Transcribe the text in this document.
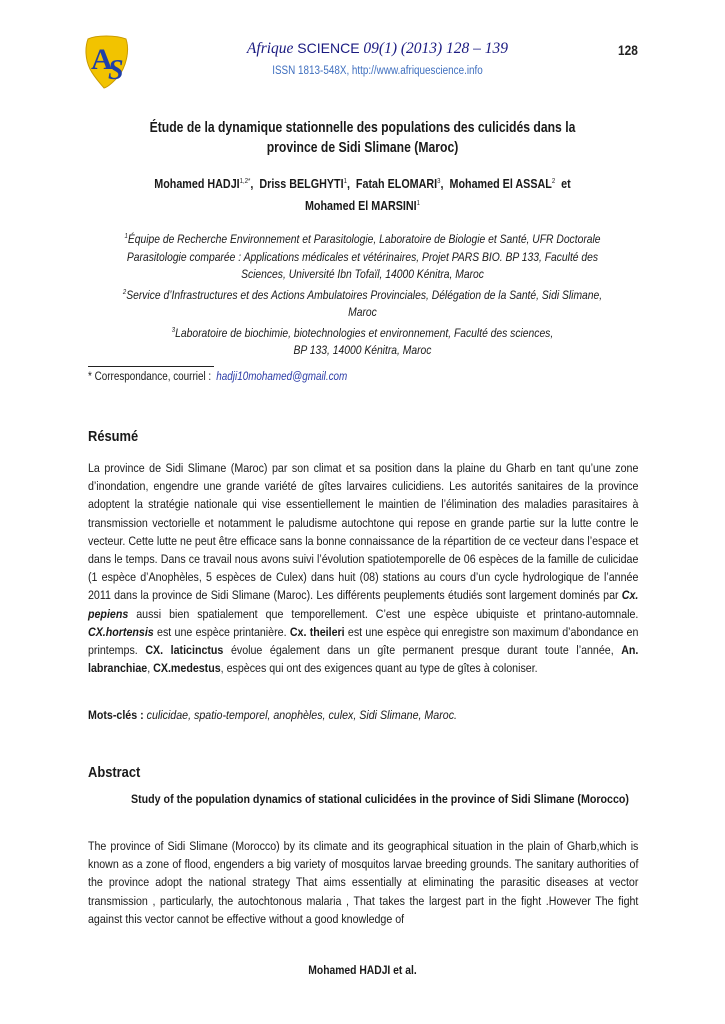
A
S
Afrique SCIENCE 09(1) (2013) 128 – 139
ISSN 1813-548X, http://www.afriquescience.info
128
Étude de la dynamique stationnelle des populations des culicidés dans la
province de Sidi Slimane (Maroc)
Mohamed $HADJI^{1,2*}$, Driss BELGHYTI$^1$, Fatah ELOMARI$^3$, Mohamed El ASSAL$^2$ et
Mohamed El MARSINI$^1$
$^1$Équipe de Recherche Environnement et Parasitologie, Laboratoire de Biologie et Santé, UFR Doctorale
Parasitologie comparée : Applications médicales et vétérinaires, Projet PARS BIO. BP 133, Faculté des
Sciences, Université Ibn Tofaïl, 14000 Kénitra, Maroc
$^2$Service d’Infrastructures et des Actions Ambulatoires Provinciales, Délégation de la Santé, Sidi Slimane, Maroc
$^3$Laboratoire de biochimie, biotechnologies et environnement, Faculté des sciences,
BP 133, 14000 Kénitra, Maroc
* Correspondance, courriel : hadji10mohamed@gmail.com
Résumé
La province de Sidi Slimane (Maroc) par son climat et sa position dans la plaine du Gharb en tant qu’une zone d’inondation, engendre une grande variété de gîtes larvaires culicidiens. Les autorités sanitaires de la province adoptent la stratégie nationale qui vise essentiellement le maintien de l’élimination des maladies parasitaires à transmission vectorielle et notamment le paludisme autochtone qui repose en grande partie sur la lutte contre le vecteur. Cette lutte ne peut être efficace sans la bonne connaissance de la répartition de ce vecteur dans l’espace et dans le temps. Dans ce travail nous avons suivi l’évolution spatiotemporelle de 06 espèces de la famille de culicidae (1 espèce d’Anophèles, 5 espèces de Culex) dans huit (08) stations au cours d’un cycle hydrologique de l’année 2011 dans la province de Sidi Slimane (Maroc). Les différents peuplements étudiés sont largement dominés par Cx. pepiens aussi bien spatialement que temporellement. C’est une espèce ubiquiste et printano-automnale. CX.hortensis est une espèce printanière. Cx. theileri est une espèce qui enregistre son maximum d’abondance en printemps. CX. laticinctus évolue également dans un gîte permanent presque durant toute l’année, An. labranchiae, CX.medestus, espèces qui ont des exigences quant au type de gîtes à coloniser.
Mots-clés : culicidae, spatio-temporel, anophèles, culex, Sidi Slimane, Maroc.
Abstract
Study of the population dynamics of stational culicidées in the province of Sidi Slimane (Morocco)
The province of Sidi Slimane (Morocco) by its climate and its geographical situation in the plain of Gharb,which is known as a zone of flood, engenders a big variety of mosquitos larvae breeding grounds. The sanitary authorities of the province adopt the national strategy That aims essentially at eliminating the parasitic diseases at vector transmission , particularly, the autochtonous malaria , That takes the largest part in the fight .However The fight against this vector cannot be effective without a good knowledge of
Mohamed HADJI et al.
